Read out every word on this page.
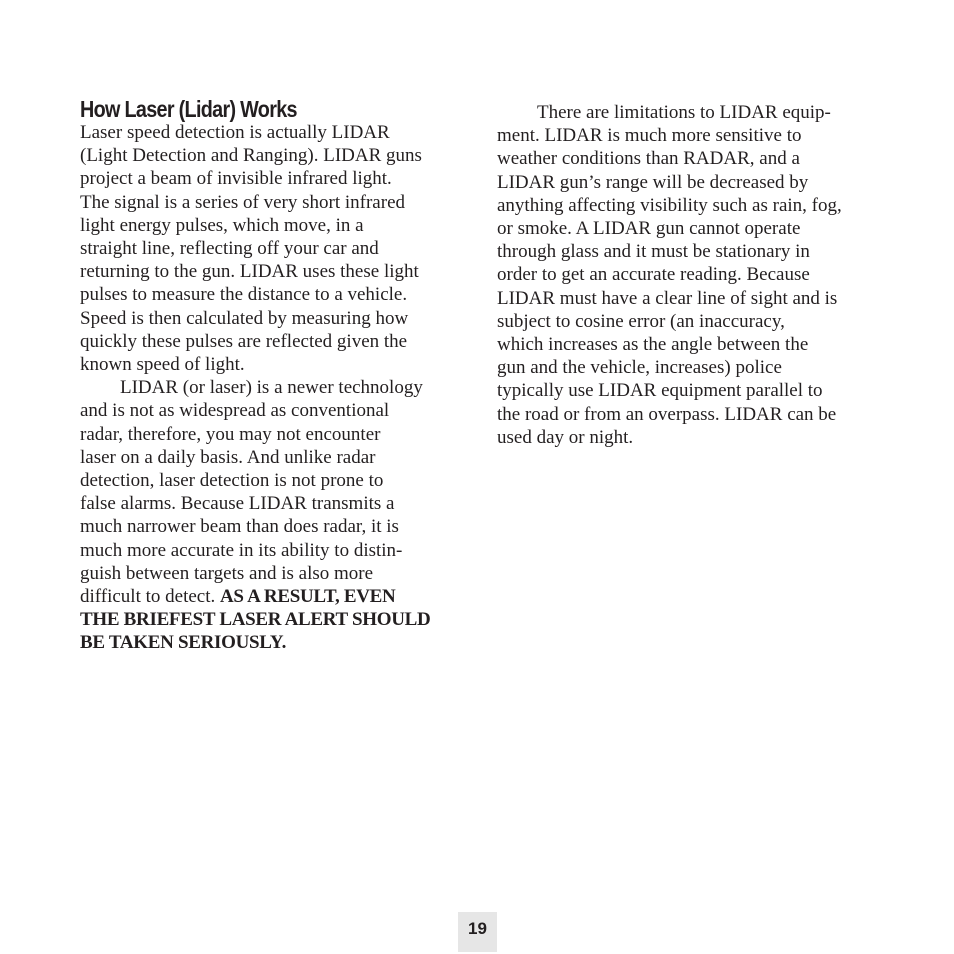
How Laser (Lidar) Works
Laser speed detection is actually LIDAR
(Light Detection and Ranging). LIDAR guns
project a beam of invisible infrared light.
The signal is a series of very short infrared
light energy pulses, which move, in a
straight line, reflecting off your car and
returning to the gun. LIDAR uses these light
pulses to measure the distance to a vehicle.
Speed is then calculated by measuring how
quickly these pulses are reflected given the
known speed of light.
LIDAR (or laser) is a newer technology
and is not as widespread as conventional
radar, therefore, you may not encounter
laser on a daily basis. And unlike radar
detection, laser detection is not prone to
false alarms. Because LIDAR transmits a
much narrower beam than does radar, it is
much more accurate in its ability to distin-
guish between targets and is also more
difficult to detect. AS A RESULT, EVEN
THE BRIEFEST LASER ALERT SHOULD
BE TAKEN SERIOUSLY.
There are limitations to LIDAR equip-
ment. LIDAR is much more sensitive to
weather conditions than RADAR, and a
LIDAR gun’s range will be decreased by
anything affecting visibility such as rain, fog,
or smoke. A LIDAR gun cannot operate
through glass and it must be stationary in
order to get an accurate reading. Because
LIDAR must have a clear line of sight and is
subject to cosine error (an inaccuracy,
which increases as the angle between the
gun and the vehicle, increases) police
typically use LIDAR equipment parallel to
the road or from an overpass. LIDAR can be
used day or night.
19
